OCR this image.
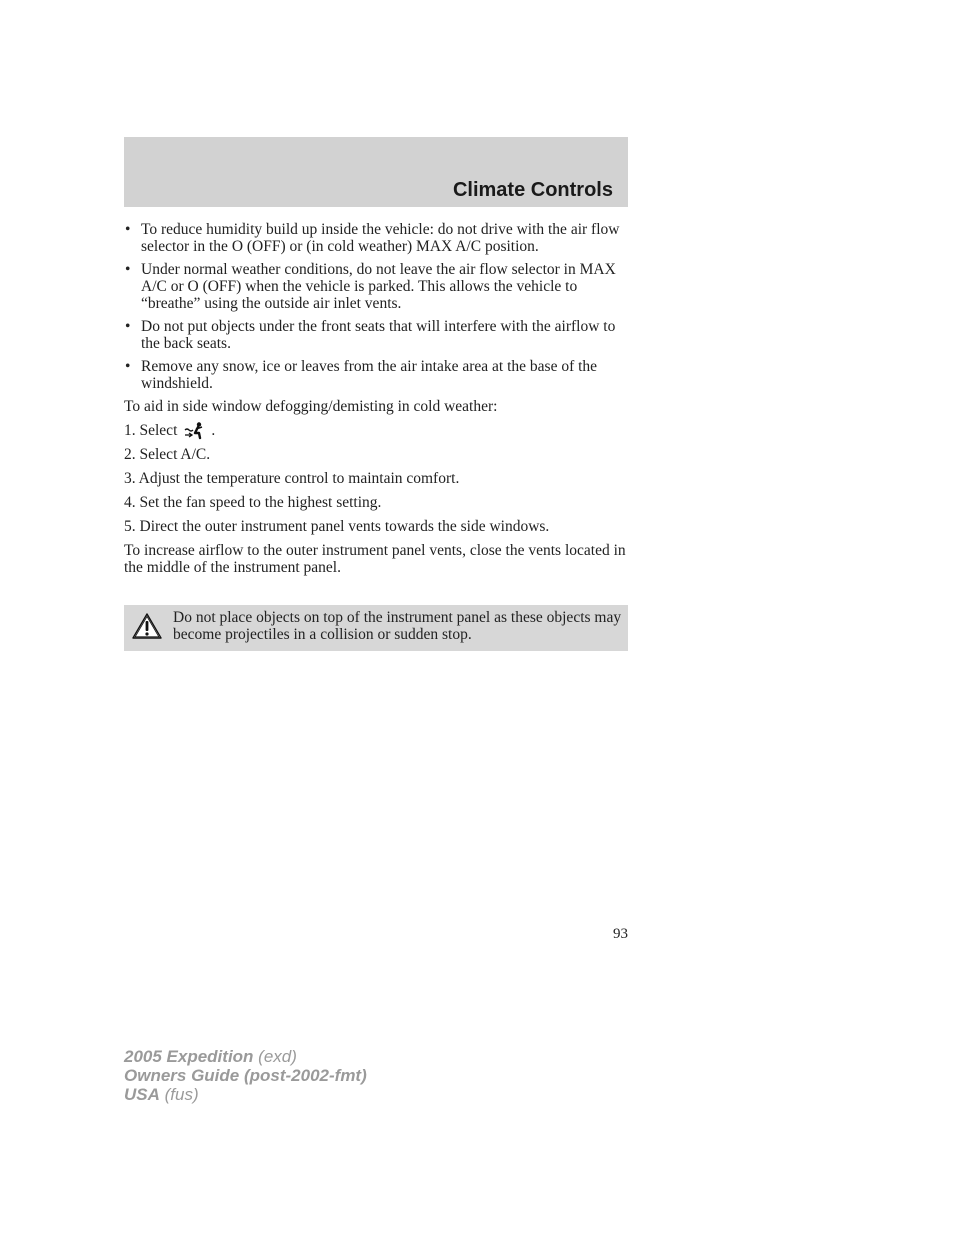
Climate Controls
• To reduce humidity build up inside the vehicle: do not drive with the air flow selector in the O (OFF) or (in cold weather) MAX A/C position.
• Under normal weather conditions, do not leave the air flow selector in MAX A/C or O (OFF) when the vehicle is parked. This allows the vehicle to “breathe” using the outside air inlet vents.
• Do not put objects under the front seats that will interfere with the airflow to the back seats.
• Remove any snow, ice or leaves from the air intake area at the base of the windshield.

To aid in side window defogging/demisting in cold weather:

1. Select .
2. Select A/C.
3. Adjust the temperature control to maintain comfort.
4. Set the fan speed to the highest setting.
5. Direct the outer instrument panel vents towards the side windows.

To increase airflow to the outer instrument panel vents, close the vents located in the middle of the instrument panel.

Do not place objects on top of the instrument panel as these objects may become projectiles in a collision or sudden stop.
93
2005 Expedition (exd)
Owners Guide (post-2002-fmt)
USA (fus)
